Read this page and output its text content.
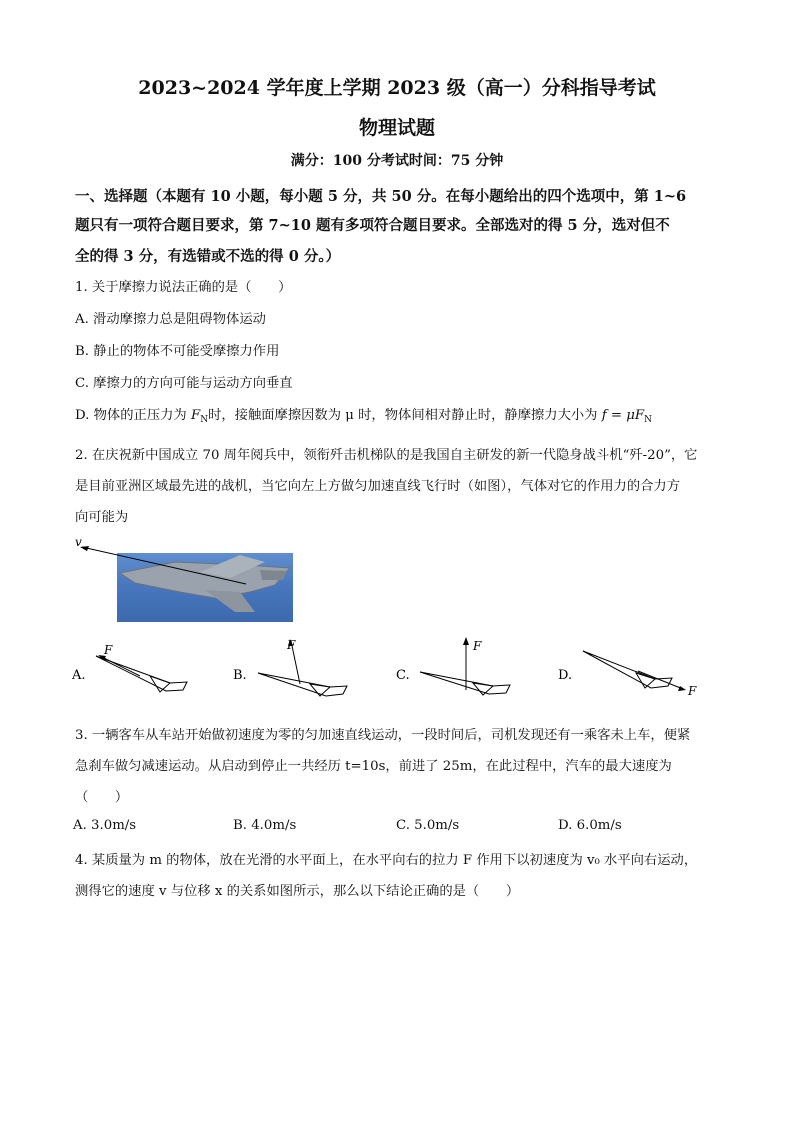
2023~2024 学年度上学期 2023 级（高一）分科指导考试
物理试题
满分：100 分考试时间：75 分钟
一、选择题（本题有 10 小题，每小题 5 分，共 50 分。在每小题给出的四个选项中，第 1~6
题只有一项符合题目要求，第 7~10 题有多项符合题目要求。全部选对的得 5 分，选对但不
全的得 3 分，有选错或不选的得 0 分。）
1. 关于摩擦力说法正确的是（　　）
A. 滑动摩擦力总是阻碍物体运动
B. 静止的物体不可能受摩擦力作用
C. 摩擦力的方向可能与运动方向垂直
D. 物体的正压力为 $F_N$时，接触面摩擦因数为 μ 时，物体间相对静止时，静摩擦力大小为 $f = \mu F_N$
2. 在庆祝新中国成立 70 周年阅兵中，领衔歼击机梯队的是我国自主研发的新一代隐身战斗机“歼-20”，它
是目前亚洲区域最先进的战机，当它向左上方做匀加速直线飞行时（如图），气体对它的作用力的合力方
向可能为
v
A.
F
B.
F
C.
F
D.
F
3. 一辆客车从车站开始做初速度为零的匀加速直线运动，一段时间后，司机发现还有一乘客未上车，便紧
急刹车做匀减速运动。从启动到停止一共经历 t=10s，前进了 25m，在此过程中，汽车的最大速度为
（　　）
A. 3.0m/s	B. 4.0m/s	C. 5.0m/s	D. 6.0m/s
4. 某质量为 m 的物体，放在光滑的水平面上，在水平向右的拉力 F 作用下以初速度为 v₀ 水平向右运动，
测得它的速度 v 与位移 x 的关系如图所示，那么以下结论正确的是（　　）
